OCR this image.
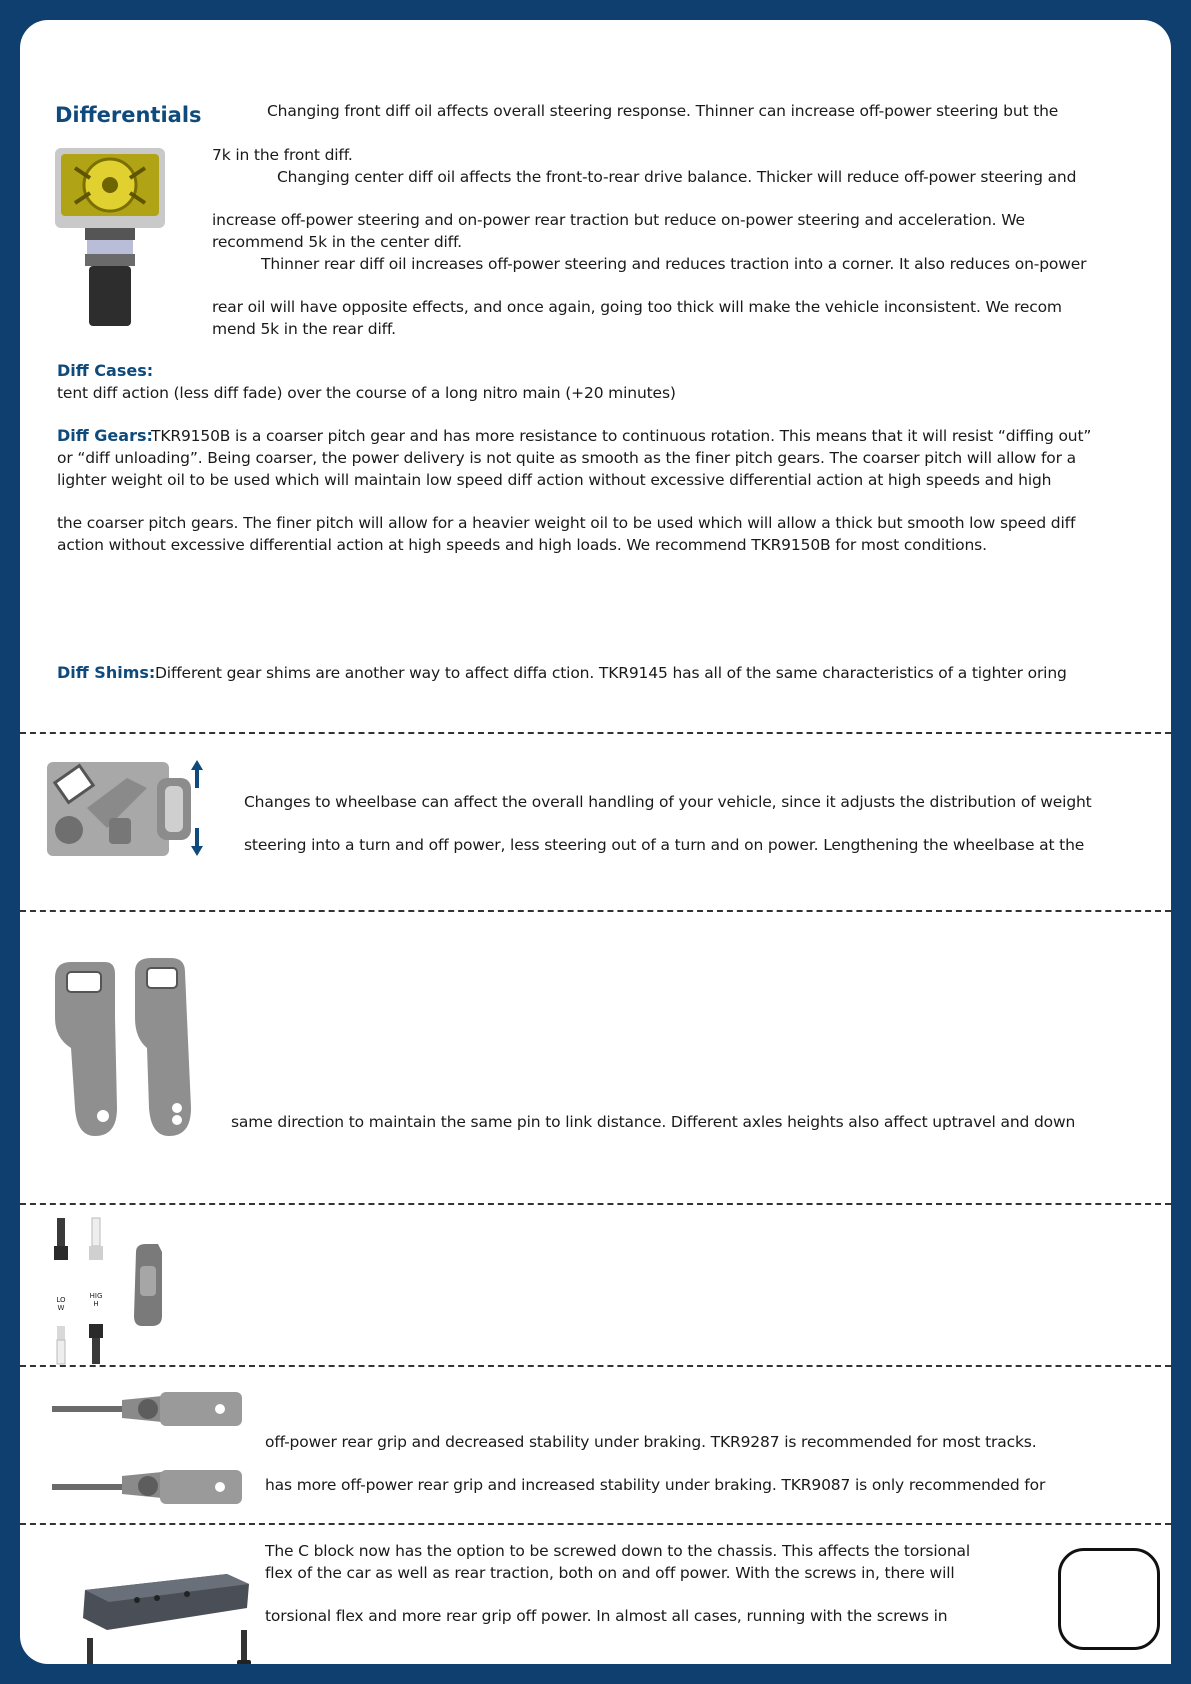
Differentials	Changing front diff oil affects overall steering response. Thinner can increase off-power steering but the
7k in the front diff.
Changing center diff oil affects the front-to-rear drive balance. Thicker will reduce off-power steering and
increase off-power steering and on-power rear traction but reduce on-power steering and acceleration. We
recommend 5k in the center diff.
Thinner rear diff oil increases off-power steering and reduces traction into a corner. It also reduces on-power
rear oil will have opposite effects, and once again, going too thick will make the vehicle inconsistent. We recom
mend 5k in the rear diff.
Diff Cases:
tent diff action (less diff fade) over the course of a long nitro main (+20 minutes)
Diff Gears:
TKR9150B is a coarser pitch gear and has more resistance to continuous rotation. This means that it will resist “diffing out”
or “diff unloading”. Being coarser, the power delivery is not quite as smooth as the finer pitch gears. The coarser pitch will allow for a
lighter weight oil to be used which will maintain low speed diff action without excessive differential action at high speeds and high
the coarser pitch gears. The finer pitch will allow for a heavier weight oil to be used which will allow a thick but smooth low speed diff
action without excessive differential action at high speeds and high loads. We recommend TKR9150B for most conditions.
Diff Shims: Different gear shims are another way to affect diffa ction. TKR9145 has all of the same characteristics of a tighter oring
Changes to wheelbase can affect the overall handling of your vehicle, since it adjusts the distribution of weight
steering into a turn and off power, less steering out of a turn and on power. Lengthening the wheelbase at the
same direction to maintain the same pin to link distance. Different axles heights also affect uptravel and down
LOW
HIGH
off-power rear grip and decreased stability under braking. TKR9287 is recommended for most tracks.
has more off-power rear grip and increased stability under braking. TKR9087 is only recommended for
The C block now has the option to be screwed down to the chassis. This affects the torsional
flex of the car as well as rear traction, both on and off power. With the screws in, there will
torsional flex and more rear grip off power. In almost all cases, running with the screws in
